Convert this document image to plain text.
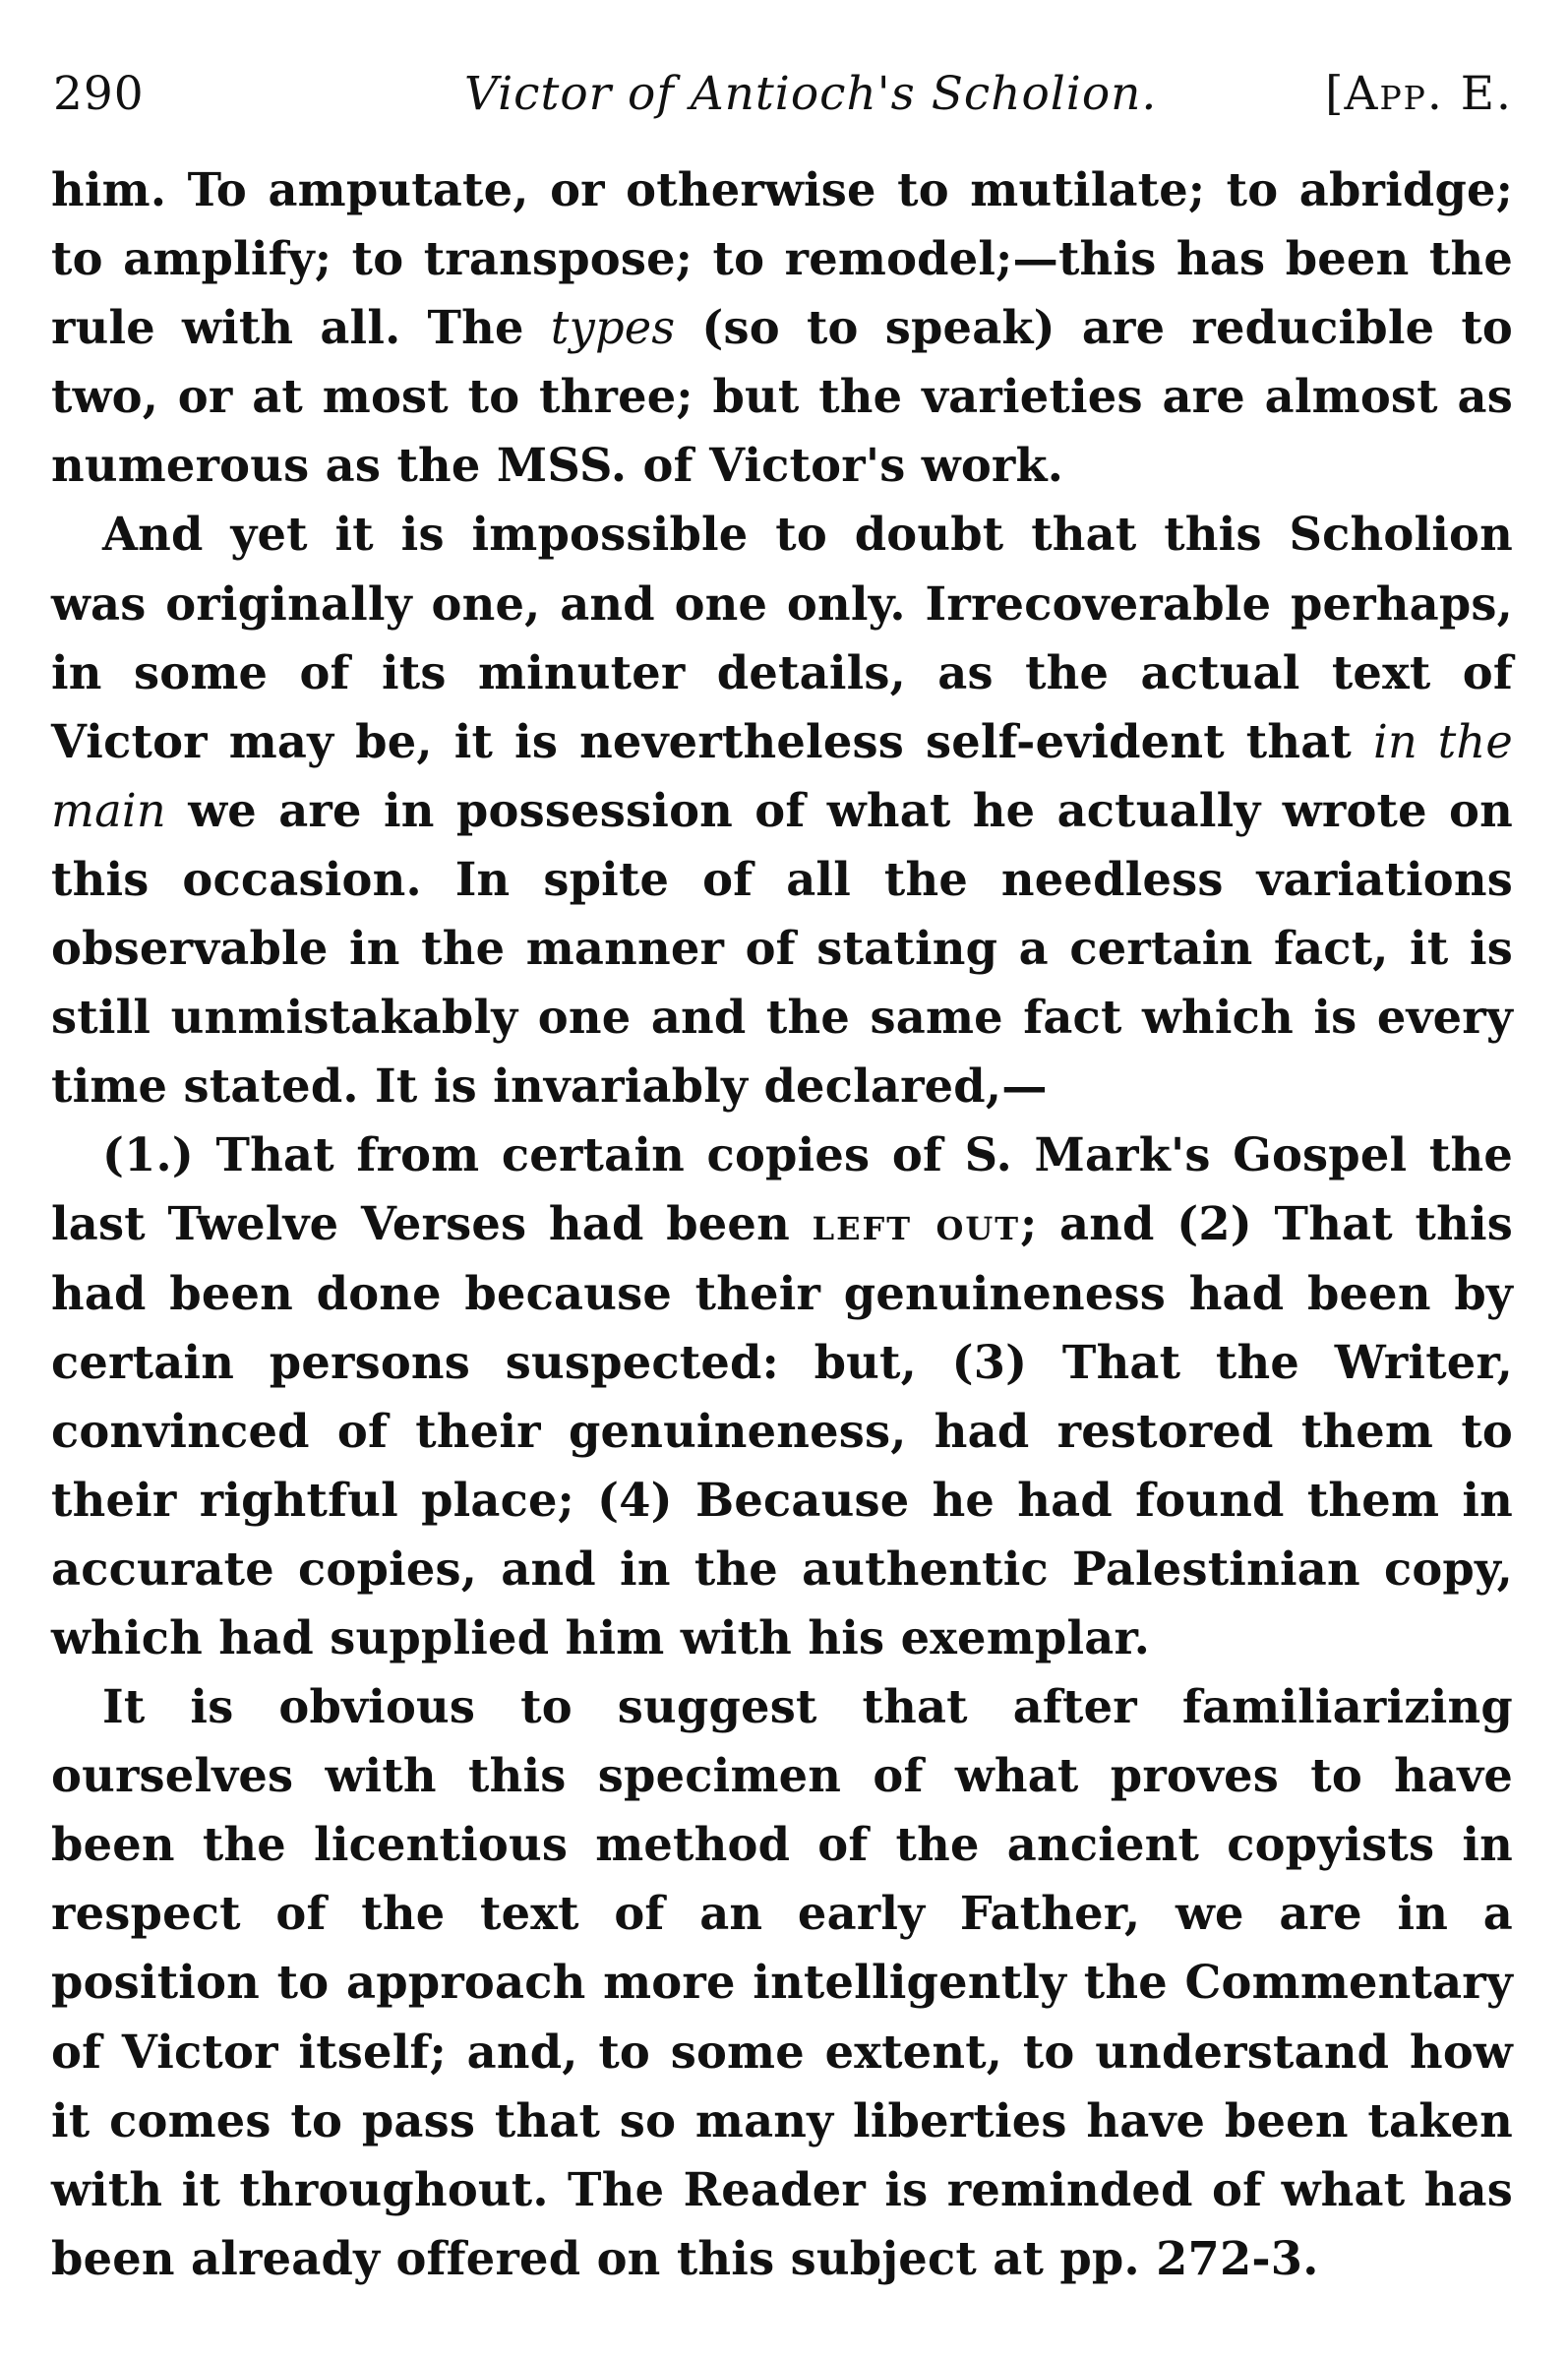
290	Victor of Antioch's Scholion.	[App. E.

him. To amputate, or otherwise to mutilate; to abridge; to amplify; to transpose; to remodel;—this has been the rule with all. The types (so to speak) are reducible to two, or at most to three; but the varieties are almost as numerous as the MSS. of Victor's work.

And yet it is impossible to doubt that this Scholion was originally one, and one only. Irrecoverable perhaps, in some of its minuter details, as the actual text of Victor may be, it is nevertheless self-evident that in the main we are in possession of what he actually wrote on this occasion. In spite of all the needless variations observable in the manner of stating a certain fact, it is still unmistakably one and the same fact which is every time stated. It is invariably declared,—

(1.) That from certain copies of S. Mark's Gospel the last Twelve Verses had been left out; and (2) That this had been done because their genuineness had been by certain persons suspected: but, (3) That the Writer, convinced of their genuineness, had restored them to their rightful place; (4) Because he had found them in accurate copies, and in the authentic Palestinian copy, which had supplied him with his exemplar.

It is obvious to suggest that after familiarizing ourselves with this specimen of what proves to have been the licentious method of the ancient copyists in respect of the text of an early Father, we are in a position to approach more intelligently the Commentary of Victor itself; and, to some extent, to understand how it comes to pass that so many liberties have been taken with it throughout. The Reader is reminded of what has been already offered on this subject at pp. 272-3.
